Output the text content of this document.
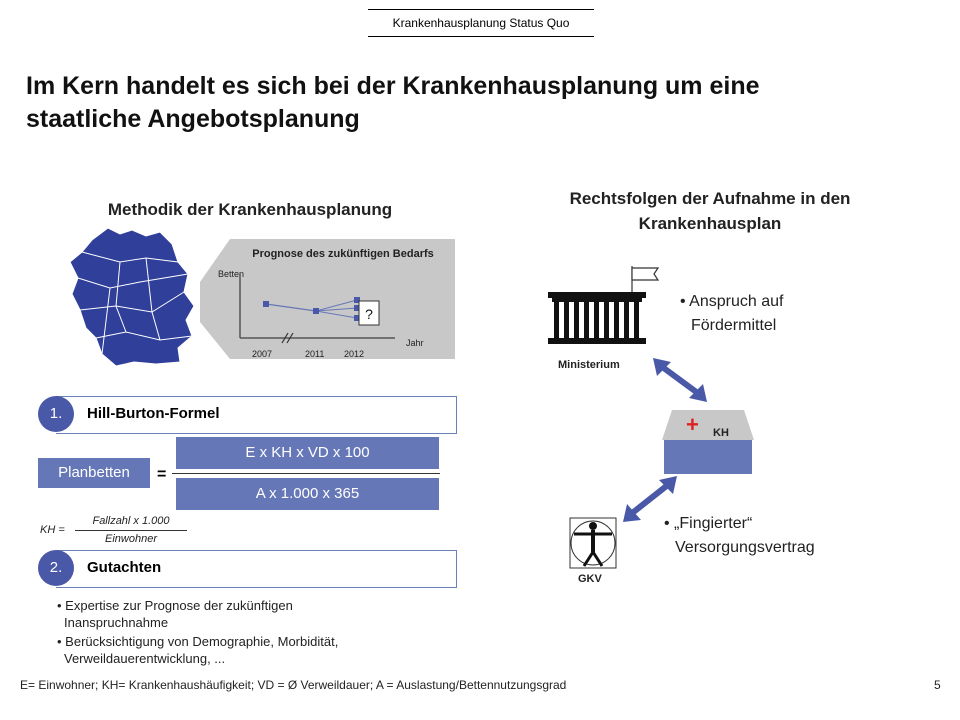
Krankenhausplanung Status Quo
Im Kern handelt es sich bei der Krankenhausplanung um eine
staatliche Angebotsplanung
Methodik der Krankenhausplanung
Rechtsfolgen der Aufnahme in den
Krankenhausplan
Prognose des zukünftigen Bedarfs
Betten
Jahr
?
2007	2011 2012
1.	Hill-Burton-Formel
Planbetten	=
E x KH x VD x 100
A x 1.000 x 365
KH =
Fallzahl x 1.000
Einwohner
2.	Gutachten
• Expertise zur Prognose der zukünftigen
Inanspruchnahme
• Berücksichtigung von Demographie, Morbidität,
Verweildauerentwicklung, ...
Ministerium
• Anspruch auf
Fördermittel
+ KH
GKV
• „Fingierter“
Versorgungsvertrag
E= Einwohner; KH= Krankenhaushäufigkeit; VD = Ø Verweildauer; A = Auslastung/Bettennutzungsgrad	5
